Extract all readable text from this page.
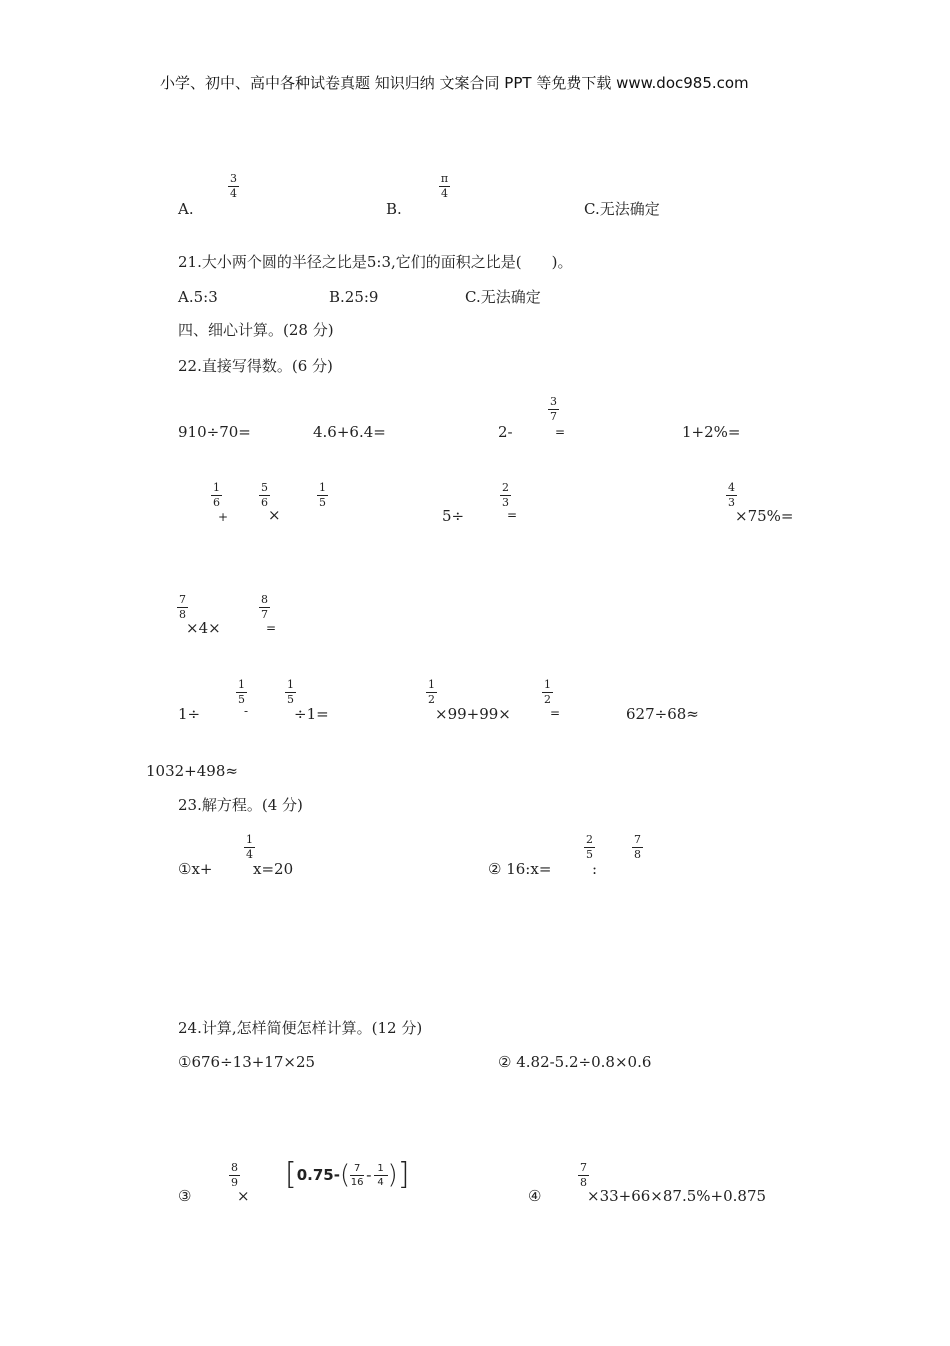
小学、初中、高中各种试卷真题 知识归纳 文案合同 PPT 等免费下载 www.doc985.com
A.
3
4
B.
π
4
C.无法确定
21.大小两个圆的半径之比是5:3,它们的面积之比是(　　)。
A.5:3	B.25:9	C.无法确定
四、细心计算。(28 分)
22.直接写得数。(6 分)
910÷70=	4.6+6.4=	2-
3
7
=	1+2%=
1
6
+
5
6
×
1
5
5÷
2
3
=
4
3
×75%=
7
8
×4×
8
7
=
1÷
1
5
-
1
5
÷1=
1
2
×99+99×
1
2
=	627÷68≈
1032+498≈
23.解方程。(4 分)
①x+
1
4
x=20	② 16:x=
2
5
:
7
8
24.计算,怎样简便怎样计算。(12 分)
①676÷13+17×25	② 4.82-5.2÷0.8×0.6
③
8
9
×
[ 0.75- ( 7
16 - 1
4 ) ]
④
7
8
×33+66×87.5%+0.875
